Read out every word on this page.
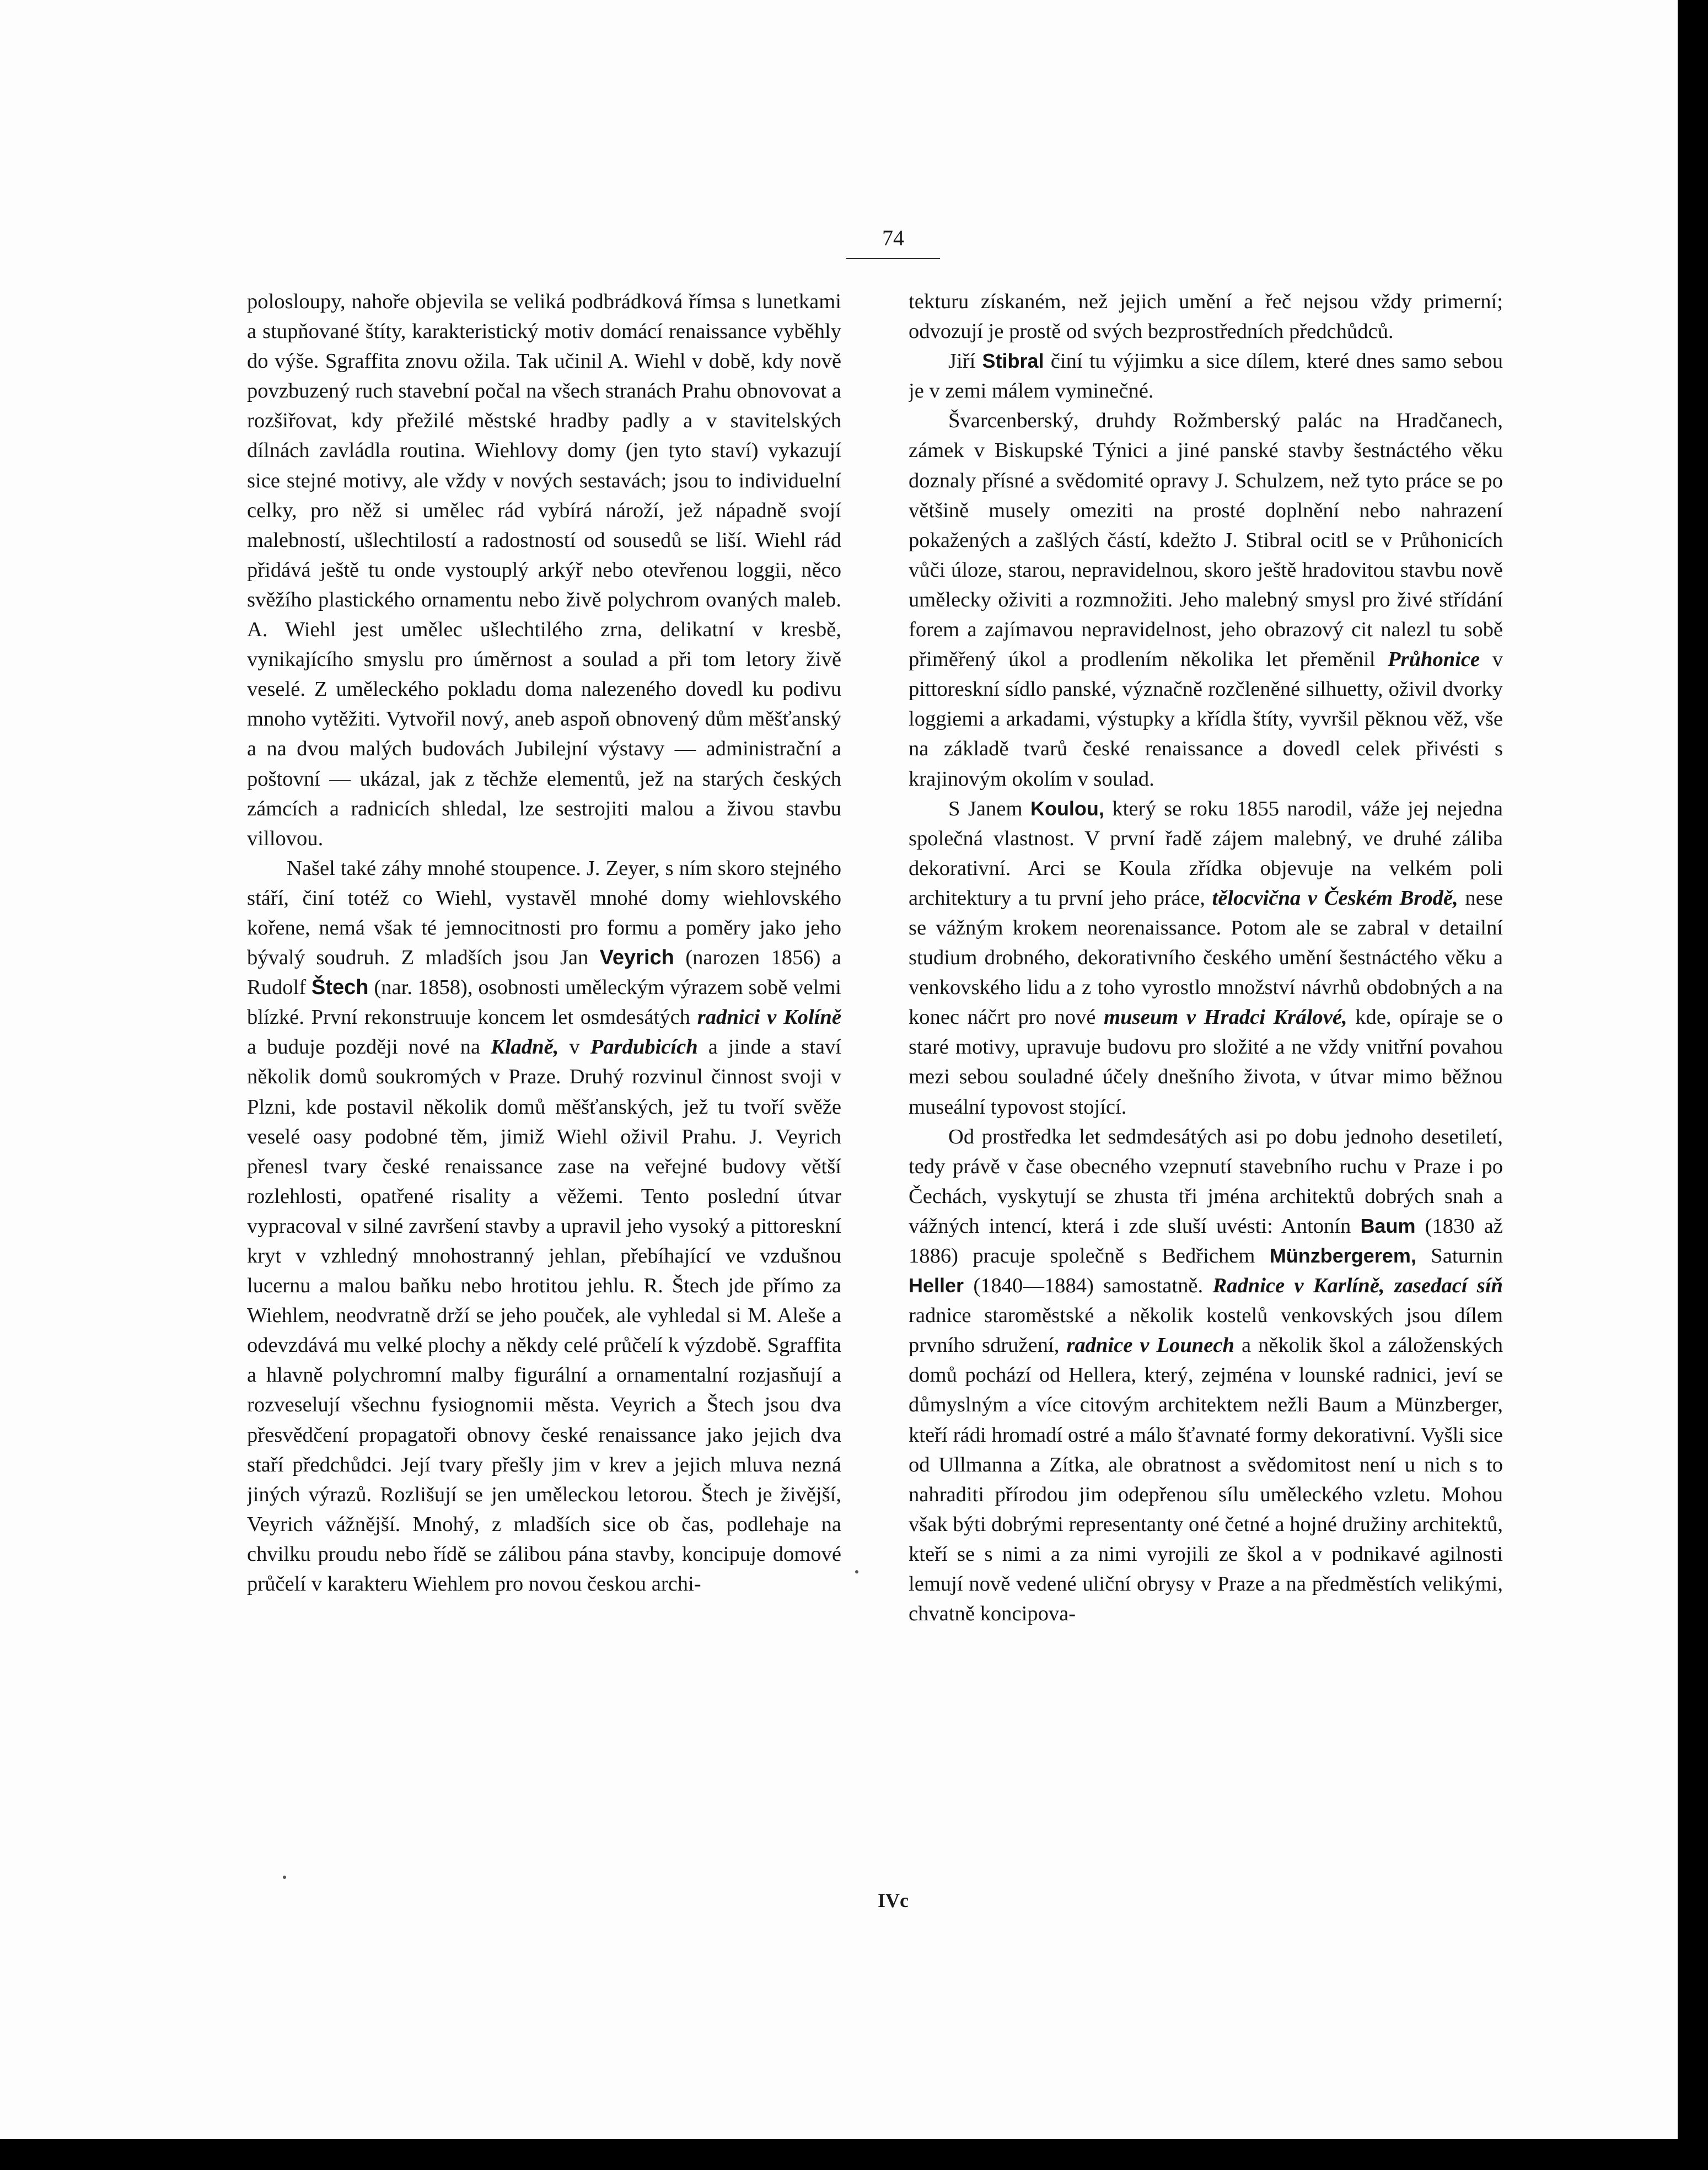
74

polosloupy, nahoře objevila se veliká podbrádková římsa s lunetkami a stupňované štíty, karakteristický motiv domácí renaissance vyběhly do výše. Sgraffita znovu ožila. Tak učinil A. Wiehl v době, kdy nově povzbuzený ruch stavební počal na všech stranách Prahu obnovovat a rozšiřovat, kdy přežilé městské hradby padly a v stavitelských dílnách zavládla routina. Wiehlovy domy (jen tyto staví) vykazují sice stejné motivy, ale vždy v nových sestavách; jsou to individuelní celky, pro něž si umělec rád vybírá nároží, jež nápadně svojí malebností, ušlechtilostí a radostností od sousedů se liší. Wiehl rád přidává ještě tu onde vystouplý arkýř nebo otevřenou loggii, něco svěžího plastického ornamentu nebo živě polychrom ovaných maleb. A. Wiehl jest umělec ušlechtilého zrna, delikatní v kresbě, vynikajícího smyslu pro úměrnost a soulad a při tom letory živě veselé. Z uměleckého pokladu doma nalezeného dovedl ku podivu mnoho vytěžiti. Vytvořil nový, aneb aspoň obnovený dům měšťanský a na dvou malých budovách Jubilejní výstavy — administrační a poštovní — ukázal, jak z těchže elementů, jež na starých českých zámcích a radnicích shledal, lze sestrojiti malou a živou stavbu villovou.

Našel také záhy mnohé stoupence. J. Zeyer, s ním skoro stejného stáří, činí totéž co Wiehl, vystavěl mnohé domy wiehlovského kořene, nemá však té jemnocitnosti pro formu a poměry jako jeho bývalý soudruh. Z mladších jsou Jan Veyrich (narozen 1856) a Rudolf Štech (nar. 1858), osobnosti uměleckým výrazem sobě velmi blízké. První rekonstruuje koncem let osmdesátých radnici v Kolíně a buduje později nové na Kladně, v Pardubicích a jinde a staví několik domů soukromých v Praze. Druhý rozvinul činnost svoji v Plzni, kde postavil několik domů měšťanských, jež tu tvoří svěže veselé oasy podobné těm, jimiž Wiehl oživil Prahu. J. Veyrich přenesl tvary české renaissance zase na veřejné budovy větší rozlehlosti, opatřené risality a věžemi. Tento poslední útvar vypracoval v silné završení stavby a upravil jeho vysoký a pittoreskní kryt v vzhledný mnohostranný jehlan, přebíhající ve vzdušnou lucernu a malou baňku nebo hrotitou jehlu. R. Štech jde přímo za Wiehlem, neodvratně drží se jeho pouček, ale vyhledal si M. Aleše a odevzdává mu velké plochy a někdy celé průčelí k výzdobě. Sgraffita a hlavně polychromní malby figurální a ornamentalní rozjasňují a rozveselují všechnu fysiognomii města. Veyrich a Štech jsou dva přesvědčení propagatoři obnovy české renaissance jako jejich dva staří předchůdci. Její tvary přešly jim v krev a jejich mluva nezná jiných výrazů. Rozlišují se jen uměleckou letorou. Štech je živější, Veyrich vážnější. Mnohý, z mladších sice ob čas, podlehaje na chvilku proudu nebo řídě se zálibou pána stavby, koncipuje domové průčelí v karakteru Wiehlem pro novou českou archi-

tekturu získaném, než jejich umění a řeč nejsou vždy primerní; odvozují je prostě od svých bezprostředních předchůdců.

Jiří Stibral činí tu výjimku a sice dílem, které dnes samo sebou je v zemi málem vyminečné.

Švarcenberský, druhdy Rožmberský palác na Hradčanech, zámek v Biskupské Týnici a jiné panské stavby šestnáctého věku doznaly přísné a svědomité opravy J. Schulzem, než tyto práce se po většině musely omeziti na prosté doplnění nebo nahrazení pokažených a zašlých částí, kdežto J. Stibral ocitl se v Průhonicích vůči úloze, starou, nepravidelnou, skoro ještě hradovitou stavbu nově umělecky oživiti a rozmnožiti. Jeho malebný smysl pro živé střídání forem a zajímavou nepravidelnost, jeho obrazový cit nalezl tu sobě přiměřený úkol a prodlením několika let přeměnil Průhonice v pittoreskní sídlo panské, význačně rozčleněné silhuetty, oživil dvorky loggiemi a arkadami, výstupky a křídla štíty, vyvršil pěknou věž, vše na základě tvarů české renaissance a dovedl celek přivésti s krajinovým okolím v soulad.

S Janem Koulou, který se roku 1855 narodil, váže jej nejedna společná vlastnost. V první řadě zájem malebný, ve druhé záliba dekorativní. Arci se Koula zřídka objevuje na velkém poli architektury a tu první jeho práce, tělocvična v Českém Brodě, nese se vážným krokem neorenaissance. Potom ale se zabral v detailní studium drobného, dekorativního českého umění šestnáctého věku a venkovského lidu a z toho vyrostlo množství návrhů obdobných a na konec náčrt pro nové museum v Hradci Králové, kde, opíraje se o staré motivy, upravuje budovu pro složité a ne vždy vnitřní povahou mezi sebou souladné účely dnešního života, v útvar mimo běžnou museální typovost stojící.

Od prostředka let sedmdesátých asi po dobu jednoho desetiletí, tedy právě v čase obecného vzepnutí stavebního ruchu v Praze i po Čechách, vyskytují se zhusta tři jména architektů dobrých snah a vážných intencí, která i zde sluší uvésti: Antonín Baum (1830 až 1886) pracuje společně s Bedřichem Münzbergerem, Saturnin Heller (1840—1884) samostatně. Radnice v Karlíně, zasedací síň radnice staroměstské a několik kostelů venkovských jsou dílem prvního sdružení, radnice v Lounech a několik škol a záloženských domů pochází od Hellera, který, zejména v lounské radnici, jeví se důmyslným a více citovým architektem nežli Baum a Münzberger, kteří rádi hromadí ostré a málo šťavnaté formy dekorativní. Vyšli sice od Ullmanna a Zítka, ale obratnost a svědomitost není u nich s to nahraditi přírodou jim odepřenou sílu uměleckého vzletu. Mohou však býti dobrými representanty oné četné a hojné družiny architektů, kteří se s nimi a za nimi vyrojili ze škol a v podnikavé agilnosti lemují nově vedené uliční obrysy v Praze a na předměstích velikými, chvatně koncipova-

IVc
